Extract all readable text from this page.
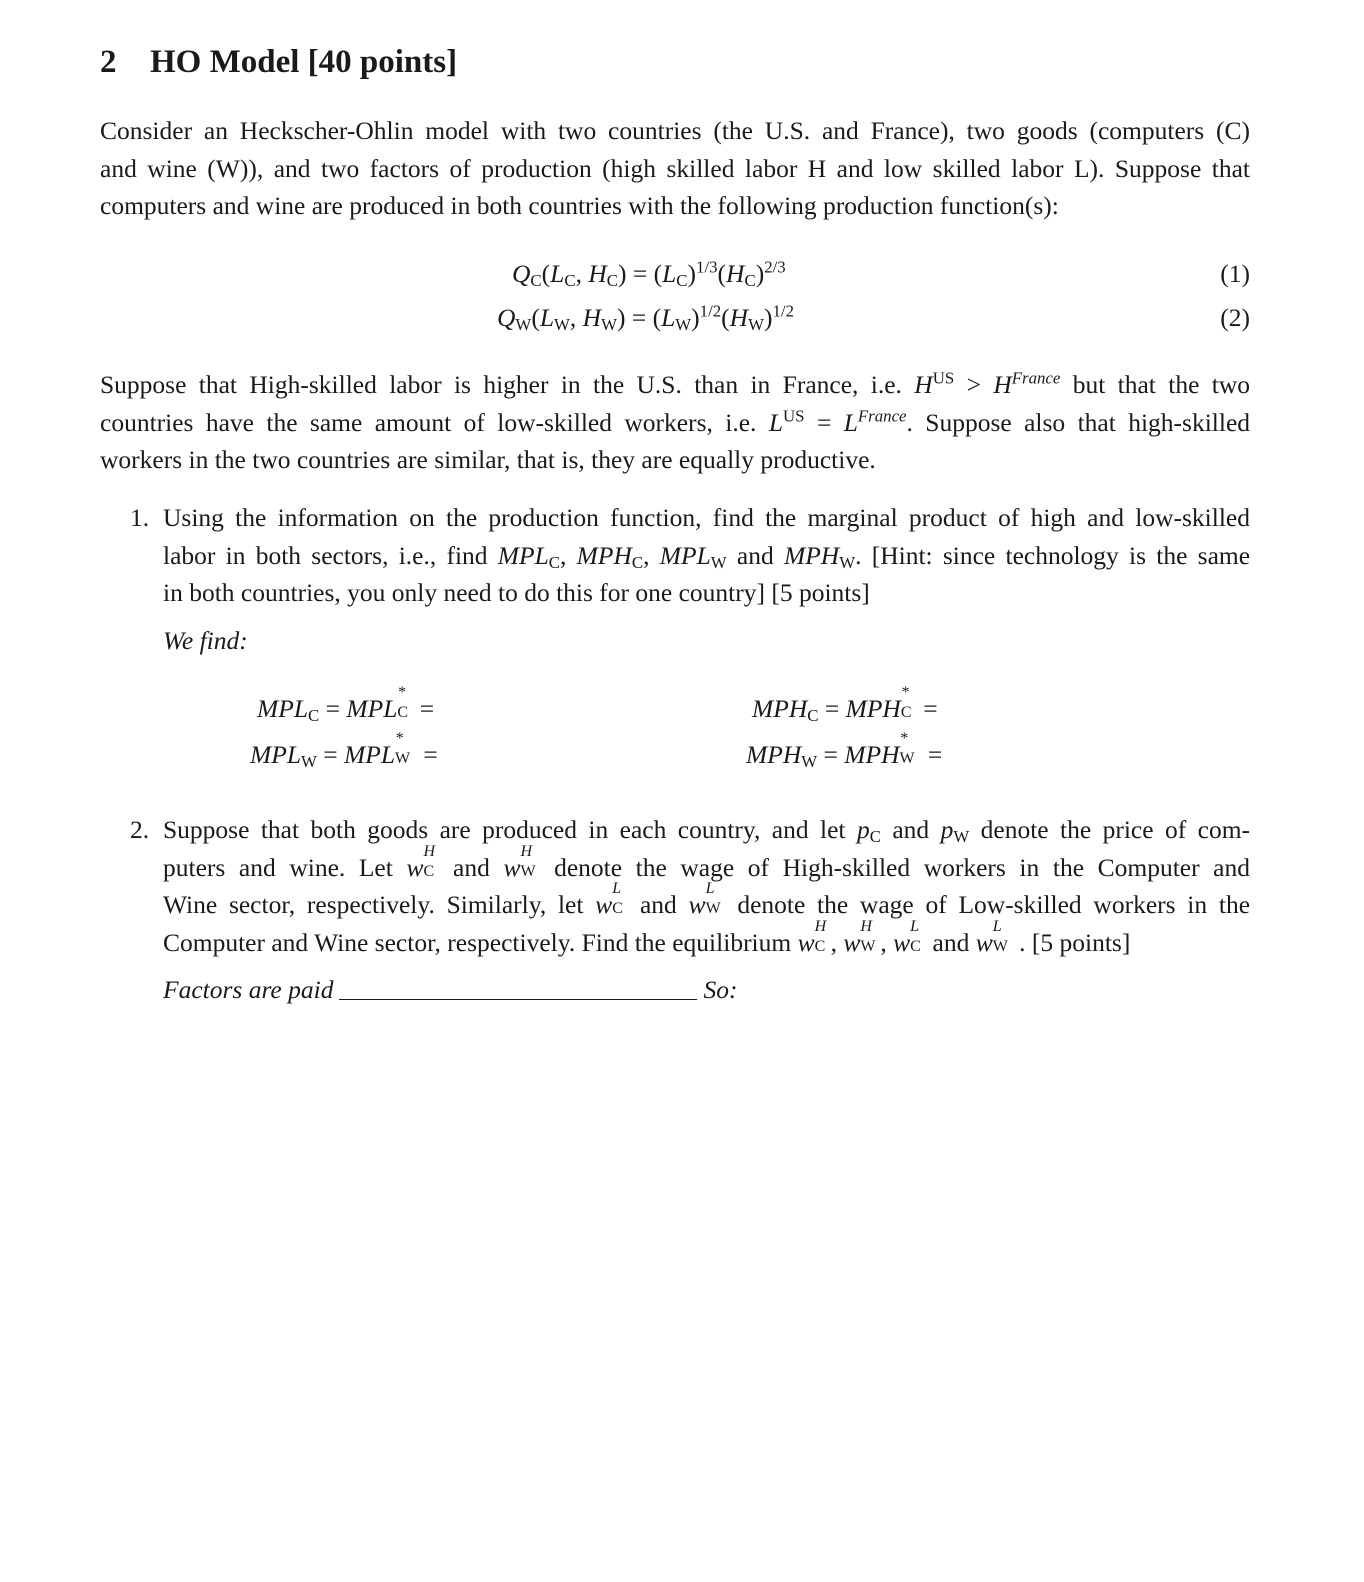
2 HO Model [40 points]
Consider an Heckscher-Ohlin model with two countries (the U.S. and France), two goods (computers (C)
and wine (W)), and two factors of production (high skilled labor H and low skilled labor L). Suppose that
computers and wine are produced in both countries with the following production function(s):
$Q_C(L_C$, $H_C) = (L_C)^{1/3}(H_C)^{2/3}$	(1)
$Q_W(L_W$, $H_W) = (L_W)^{1/2}(H_W)^{1/2}$	(2)
Suppose that High-skilled labor is higher in the U.S. than in France, i.e. $H^{US} > H^{France}$ but that the two
countries have the same amount of low-skilled workers, i.e. $L^{US} = L^{France}$. Suppose also that high-skilled
workers in the two countries are similar, that is, they are equally productive.
1. Using the information on the production function, find the marginal product of high and low-skilled
labor in both sectors, i.e., find $MPL_C$, $MPH_C$, $MPL_W$ and $MPH_W$. [Hint: since technology is the same
in both countries, you only need to do this for one country] [5 points]
We find:
$MPL_C$ = MPL
*
C =	$MPH_C$ = MPH
*
C =
$MPL_W$ = MPL
*
W =	$MPH_W$ = MPH
*
W =
2. Suppose that both goods are produced in each country, and let $p_C$ and $p_W$ denote the price of com-
puters and wine. Let w
H
C and w
H
W denote the wage of High-skilled workers in the Computer and
Wine sector, respectively. Similarly, let w
L
C and w
L
W denote the wage of Low-skilled workers in the
Computer and Wine sector, respectively. Find the equilibrium w
H
C , w
H
W , w
L
C and w
L
W . [5 points]
Factors are paid	So:
